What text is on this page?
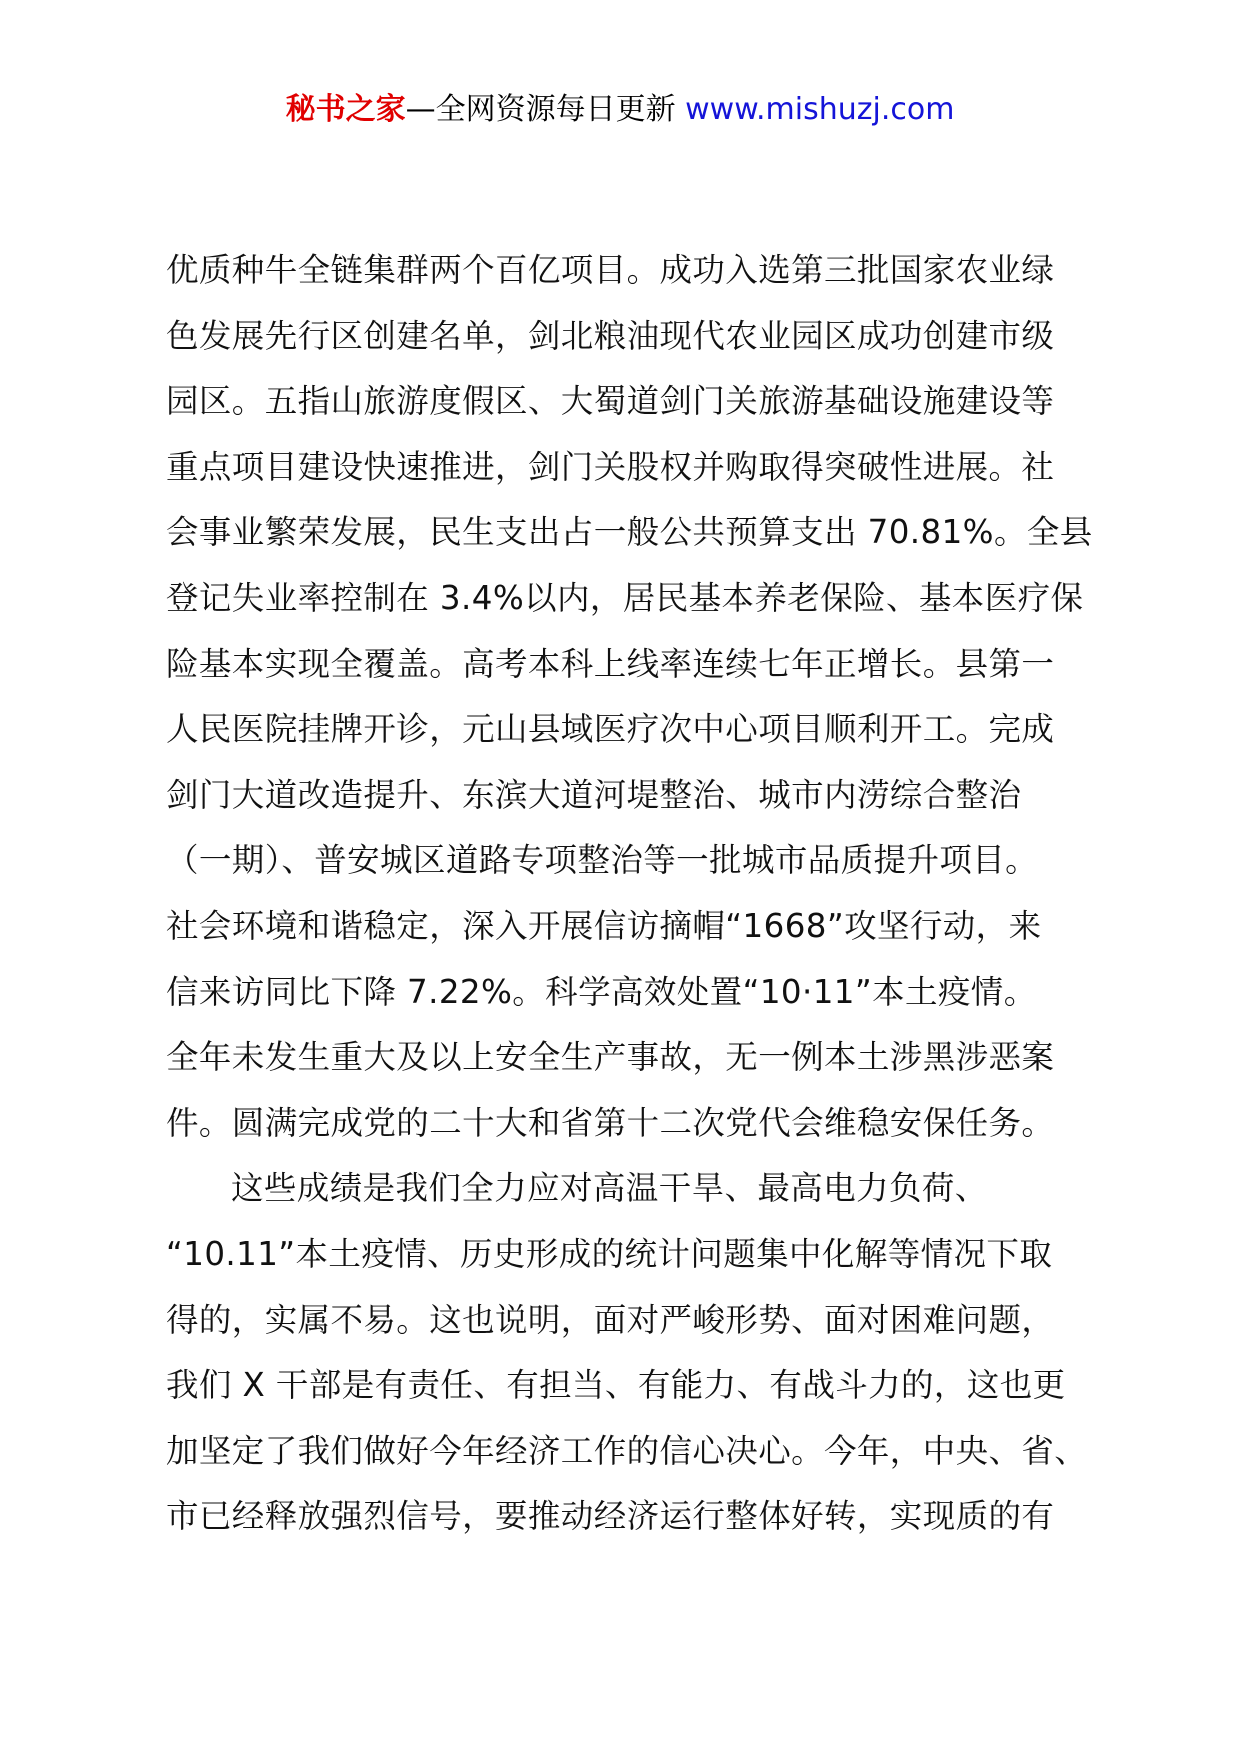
秘书之家—全网资源每日更新 www.mishuzj.com
优质种牛全链集群两个百亿项目。成功入选第三批国家农业绿
色发展先行区创建名单，剑北粮油现代农业园区成功创建市级
园区。五指山旅游度假区、大蜀道剑门关旅游基础设施建设等
重点项目建设快速推进，剑门关股权并购取得突破性进展。社
会事业繁荣发展，民生支出占一般公共预算支出 70.81%。全县
登记失业率控制在 3.4%以内，居民基本养老保险、基本医疗保
险基本实现全覆盖。高考本科上线率连续七年正增长。县第一
人民医院挂牌开诊，元山县域医疗次中心项目顺利开工。完成
剑门大道改造提升、东滨大道河堤整治、城市内涝综合整治
（一期）、普安城区道路专项整治等一批城市品质提升项目。
社会环境和谐稳定，深入开展信访摘帽“1668”攻坚行动，来
信来访同比下降 7.22%。科学高效处置“10·11”本土疫情。
全年未发生重大及以上安全生产事故，无一例本土涉黑涉恶案
件。圆满完成党的二十大和省第十二次党代会维稳安保任务。
这些成绩是我们全力应对高温干旱、最高电力负荷、
“10.11”本土疫情、历史形成的统计问题集中化解等情况下取
得的，实属不易。这也说明，面对严峻形势、面对困难问题，
我们 X 干部是有责任、有担当、有能力、有战斗力的，这也更
加坚定了我们做好今年经济工作的信心决心。今年，中央、省、
市已经释放强烈信号，要推动经济运行整体好转，实现质的有
